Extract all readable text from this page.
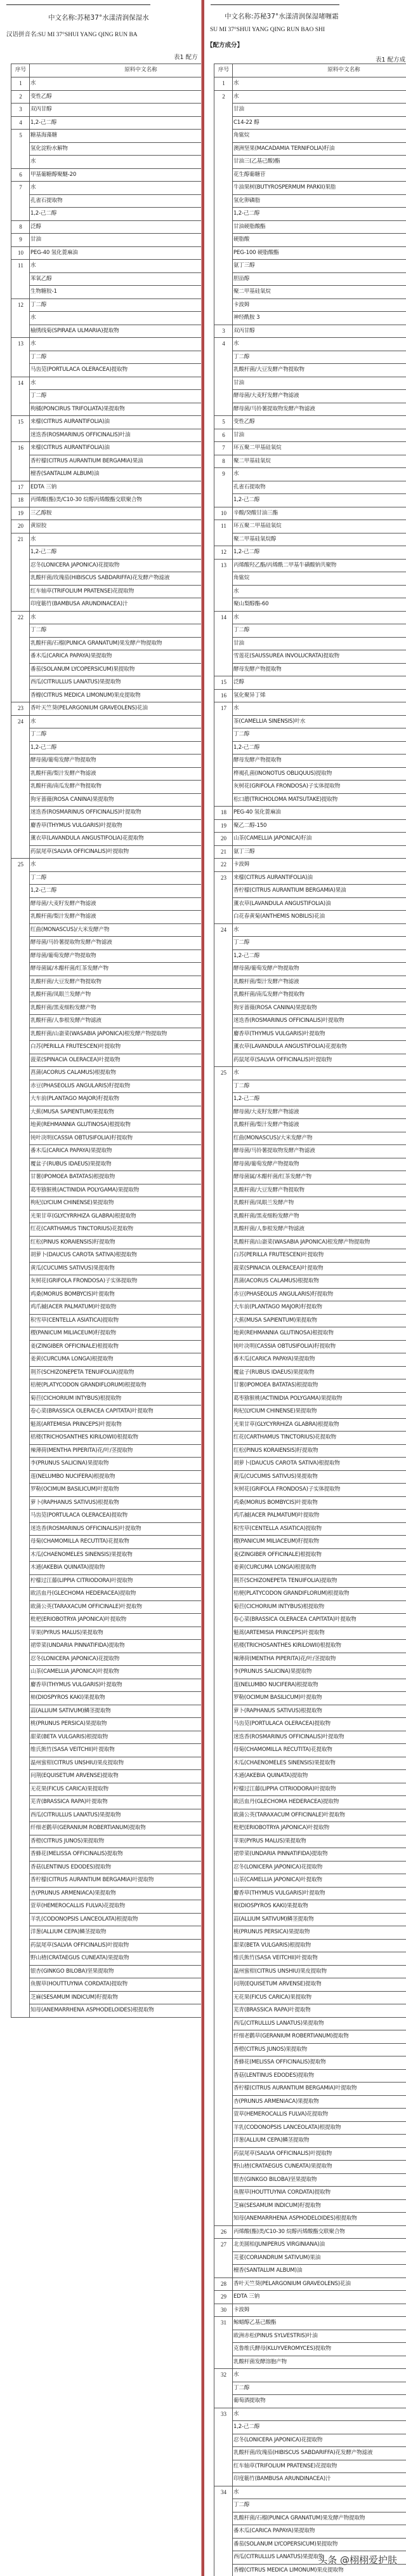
中文名称:苏秘37°水漾清润保湿水
汉语拼音名:SU MI 37°SHUI YANG QING RUN BA
表1 配方
序号	原料中文名称
1	水
2	变性乙醇
3	双丙甘醇
4	1,2-己二醇
5	糖基海藻糖
	氢化淀粉水解物
	水
6	甲基葡糖醇聚醚-20
7	水
	孔雀石提取物
	1,2-己二醇
8	泛醇
9	甘油
10	PEG-40 氢化蓖麻油
11	水
	苯氧乙醇
	生物糖胶-1
12	丁二醇
	水
	榆绣线菊(SPIRAEA ULMARIA)提取物
13	水
	丁二醇
	马齿苋(PORTULACA OLERACEA)提取物
14	水
	丁二醇
	枸橘(PONCIRUS TRIFOLIATA)果提取物
15	来檬(CITRUS AURANTIFOLIA)油
	迷迭香(ROSMARINUS OFFICINALIS)叶油
16	来檬(CITRUS AURANTIFOLIA)油
	香柠檬(CITRUS AURANTIUM BERGAMIA)果油
	檀香(SANTALUM ALBUM)油
17	EDTA 三钠
18	丙烯酸(酯)类/C10-30 烷醇丙烯酸酯交联聚合物
19	三乙醇胺
20	黄原胶
21	水
	1,2-己二醇
	忍冬(LONICERA JAPONICA)花提取物
	乳酸杆菌/玫瑰茄(HIBISCUS SABDARIFFA)花发酵产物滤液
	红车轴草(TRIFOLIUM PRATENSE)花提取物
	印度簕竹(BAMBUSA ARUNDINACEA)汁
22	水
	丁二醇
	乳酸杆菌/石榴(PUNICA GRANATUM)果发酵产物提取物
	番木瓜(CARICA PAPAYA)果提取物
	番茄(SOLANUM LYCOPERSICUM)果提取物
	西瓜(CITRULLUS LANATUS)果提取物
	香橼(CITRUS MEDICA LIMONUM)果皮提取物
23	香叶天竺葵(PELARGONIUM GRAVEOLENS)花油
24	水
	丁二醇
	1,2-己二醇
	酵母菌/葡萄发酵产物提取物
	乳酸杆菌/梨汁发酵产物滤液
	乳酸杆菌/南瓜发酵产物提取物
	狗牙蔷薇(ROSA CANINA)果提取物
	迷迭香(ROSMARINUS OFFICINALIS)叶提取物
	麝香草(THYMUS VULGARIS)叶提取物
	薰衣草(LAVANDULA ANGUSTIFOLIA)花提取物
	药鼠尾草(SALVIA OFFICINALIS)叶提取物
25	水
	丁二醇
	1,2-己二醇
	酵母菌/大麦籽发酵产物滤液
	乳酸杆菌/梨汁发酵产物滤液
	红曲(MONASCUS)/大米发酵产物
	酵母菌/马铃薯提取物发酵产物滤液
	酵母菌/葡萄发酵产物提取物
	酵母菌属/木醋杆菌/红茶发酵产物
	乳酸杆菌/大豆发酵产物提取物
	乳酸杆菌/凤眼兰发酵产物
	乳酸杆菌/黑麦细粉发酵产物
	乳酸杆菌/人参根发酵产物滤液
	乳酸杆菌/山嵛菜(WASABIA JAPONICA)根发酵产物提取物
	白苏(PERILLA FRUTESCEN)叶提取物
	菠菜(SPINACIA OLERACEA)叶提取物
	菖蒲(ACORUS CALAMUS)根提取物
	赤豆(PHASEOLUS ANGULARIS)籽提取物
	大车前(PLANTAGO MAJOR)籽提取物
	大蕉(MUSA SAPIENTUM)果提取物
	地黄(REHMANNIA GLUTINOSA)根提取物
	钝叶决明(CASSIA OBTUSIFOLIA)籽提取物
	番木瓜(CARICA PAPAYA)果提取物
	覆盆子(RUBUS IDAEUS)果提取物
	甘薯(IPOMOEA BATATAS)根提取物
	葛枣猕猴桃(ACTINIDIA POLYGAMA)果提取物
	枸杞(LYCIUM CHINENSE)果提取物
	光果甘草(GLYCYRRHIZA GLABRA)根提取物
	红花(CARTHAMUS TINCTORIUS)花提取物
	红松(PINUS KORAIENSIS)籽提取物
	胡萝卜(DAUCUS CAROTA SATIVA)根提取物
	黄瓜(CUCUMIS SATIVUS)果提取物
	灰树花(GRIFOLA FRONDOSA)子实体提取物
	鸡桑(MORUS BOMBYCIS)叶提取物
	鸡爪槭(ACER PALMATUM)叶提取物
	积雪草(CENTELLA ASIATICA)提取物
	稷(PANICUM MILIACEUM)籽提取物
	姜(ZINGIBER OFFICINALE)根提取物
	姜黄(CURCUMA LONGA)根提取物
	荆芥(SCHIZONEPETA TENUIFOLIA)提取物
	桔梗(PLATYCODON GRANDIFLORUM)根提取物
	菊苣(CICHORIUM INTYBUS)根提取物
	卷心菜(BRASSICA OLERACEA CAPITATA)叶提取物
	魁蒿(ARTEMISIA PRINCEPS)叶提取物
	栝楼(TRICHOSANTHES KIRILOWII)根提取物
	辣薄荷(MENTHA PIPERITA)花/叶/茎提取物
	李(PRUNUS SALICINA)果提取物
	莲(NELUMBO NUCIFERA)根提取物
	罗勒(OCIMUM BASILICUM)叶提取物
	萝卜(RAPHANUS SATIVUS)根提取物
	马齿苋(PORTULACA OLERACEA)提取物
	迷迭香(ROSMARINUS OFFICINALIS)叶提取物
	母菊(CHAMOMILLA RECUTITA)花提取物
	木瓜(CHAENOMELES SINENSIS)果提取物
	木通(AKEBIA QUINATA)提取物
	柠檬过江藤(LIPPIA CITRIODORA)叶提取物
	欧活血丹(GLECHOMA HEDERACEA)提取物
	欧蒲公英(TARAXACUM OFFICINALE)叶提取物
	枇杷(ERIOBOTRYA JAPONICA)叶提取物
	苹果(PYRUS MALUS)果提取物
	裙带菜(UNDARIA PINNATIFIDA)提取物
	忍冬(LONICERA JAPONICA)花提取物
	山茶(CAMELLIA JAPONICA)叶提取物
	麝香草(THYMUS VULGARIS)叶提取物
	柿(DIOSPYROS KAKI)果提取物
	蒜(ALLIUM SATIVUM)鳞茎提取物
	桃(PRUNUS PERSICA)果提取物
	甜菜(BETA VULGARIS)根提取物
	维氏熊竹(SASA VEITCHII)叶提取物
	温州蜜柑(CITRUS UNSHIU)果皮提取物
	问荆(EQUISETUM ARVENSE)提取物
	无花果(FICUS CARICA)果提取物
	芜青(BRASSICA RAPA)叶提取物
	西瓜(CITRULLUS LANATUS)果提取物
	纤细老鹳草(GERANIUM ROBERTIANUM)提取物
	香橙(CITRUS JUNOS)果提取物
	香蜂花(MELISSA OFFICINALIS)提取物
	香菇(LENTINUS EDODES)提取物
	香柠檬(CITRUS AURANTIUM BERGAMIA)叶提取物
	杏(PRUNUS ARMENIACA)果提取物
	萱草(HEMEROCALLIS FULVA)花提取物
	羊乳(CODONOPSIS LANCEOLATA)根提取物
	洋葱(ALLIUM CEPA)鳞茎提取物
	药鼠尾草(SALVIA OFFICINALIS)叶提取物
	野山楂(CRATAEGUS CUNEATA)果提取物
	银杏(GINKGO BILOBA)坚果提取物
	鱼腥草(HOUTTUYNIA CORDATA)提取物
	芝麻(SESAMUM INDICUM)籽提取物
	知母(ANEMARRHENA ASPHODELOIDES)根提取物
中文名称:苏秘37°水漾清润保湿啫喱霜
SU MI 37°SHUI YANG QING RUN BAO SHI
【配方成分】
表1 配方成
序号	原料中文名称
1	水
2	水
	甘油
	C14-22 醇
	角鲨烷
	澳洲坚果(MACADAMIA TERNIFOLIA)籽油
	甘油三(乙基己酸)酯
	花生醇葡糖苷
	牛油果树(BUTYROSPERMUM PARKII)果脂
	氢化卵磷脂
	1,2-己二醇
	甘油硬脂酸酯
	硬脂酸
	PEG-100 硬脂酸酯
	氨丁三醇
	胆甾醇
	聚二甲基硅氧烷
	卡波姆
	神经酰胺 3
3	双丙甘醇
4	水
	丁二醇
	乳酸杆菌/大豆发酵产物提取物
	甘油
	酵母菌/大麦籽发酵产物滤液
	酵母菌/马铃薯提取物发酵产物滤液
5	变性乙醇
6	甘油
7	环五聚二甲基硅氧烷
8	聚二甲基硅氧烷
9	水
	孔雀石提取物
	1,2-己二醇
10	辛酸/癸酸甘油三酯
11	环五聚二甲基硅氧烷
	聚二甲基硅氧烷醇
12	1,2-己二醇
13	丙烯酸羟乙酯/丙烯酰二甲基牛磺酸钠共聚物
	角鲨烷
	水
	聚山梨醇酯-60
14	水
	丁二醇
	甘油
	雪莲花(SAUSSUREA INVOLUCRATA)提取物
	酵母发酵产物提取物
15	泛醇
16	氢化聚异丁烯
17	水
	茶(CAMELLIA SINENSIS)叶水
	丁二醇
	1,2-己二醇
	酵母发酵产物提取物
	桦褐孔菌(INONOTUS OBLIQUUS)提取物
	灰树花(GRIFOLA FRONDOSA)子实体提取物
	松口蘑(TRICHOLOMA MATSUTAKE)提取物
18	PEG-40 氢化蓖麻油
19	聚乙二醇-150
20	山茶(CAMELLIA JAPONICA)籽油
21	氨丁三醇
22	卡波姆
23	来檬(CITRUS AURANTIFOLIA)油
	香柠檬(CITRUS AURANTIUM BERGAMIA)果油
	薰衣草(LAVANDULA ANGUSTIFOLIA)油
	白花春黄菊(ANTHEMIS NOBILIS)花油
24	水
	丁二醇
	1,2-己二醇
	酵母菌/葡萄发酵产物提取物
	乳酸杆菌/梨汁发酵产物滤液
	乳酸杆菌/南瓜发酵产物提取物
	狗牙蔷薇(ROSA CANINA)果提取物
	迷迭香(ROSMARINUS OFFICINALIS)叶提取物
	麝香草(THYMUS VULGARIS)叶提取物
	薰衣草(LAVANDULA ANGUSTIFOLIA)花提取物
	药鼠尾草(SALVIA OFFICINALIS)叶提取物
25	水
	丁二醇
	1,2-己二醇
	酵母菌/大麦籽发酵产物滤液
	乳酸杆菌/梨汁发酵产物滤液
	红曲(MONASCUS)/大米发酵产物
	酵母菌/马铃薯提取物发酵产物滤液
	酵母菌/葡萄发酵产物提取物
	酵母菌属/木醋杆菌/红茶发酵产物
	乳酸杆菌/大豆发酵产物提取物
	乳酸杆菌/凤眼兰发酵产物
	乳酸杆菌/黑麦细粉发酵产物
	乳酸杆菌/人参根发酵产物滤液
	乳酸杆菌/山嵛菜(WASABIA JAPONICA)根发酵产物提取物
	白苏(PERILLA FRUTESCEN)叶提取物
	菠菜(SPINACIA OLERACEA)叶提取物
	菖蒲(ACORUS CALAMUS)根提取物
	赤豆(PHASEOLUS ANGULARIS)籽提取物
	大车前(PLANTAGO MAJOR)籽提取物
	大蕉(MUSA SAPIENTUM)果提取物
	地黄(REHMANNIA GLUTINOSA)根提取物
	钝叶决明(CASSIA OBTUSIFOLIA)籽提取物
	番木瓜(CARICA PAPAYA)果提取物
	覆盆子(RUBUS IDAEUS)果提取物
	甘薯(IPOMOEA BATATAS)根提取物
	葛枣猕猴桃(ACTINIDIA POLYGAMA)果提取物
	枸杞(LYCIUM CHINENSE)果提取物
	光果甘草(GLYCYRRHIZA GLABRA)根提取物
	红花(CARTHAMUS TINCTORIUS)花提取物
	红松(PINUS KORAIENSIS)籽提取物
	胡萝卜(DAUCUS CAROTA SATIVA)根提取物
	黄瓜(CUCUMIS SATIVUS)果提取物
	灰树花(GRIFOLA FRONDOSA)子实体提取物
	鸡桑(MORUS BOMBYCIS)叶提取物
	鸡爪槭(ACER PALMATUM)叶提取物
	积雪草(CENTELLA ASIATICA)提取物
	稷(PANICUM MILIACEUM)籽提取物
	姜(ZINGIBER OFFICINALE)根提取物
	姜黄(CURCUMA LONGA)根提取物
	荆芥(SCHIZONEPETA TENUIFOLIA)提取物
	桔梗(PLATYCODON GRANDIFLORUM)根提取物
	菊苣(CICHORIUM INTYBUS)根提取物
	卷心菜(BRASSICA OLERACEA CAPITATA)叶提取物
	魁蒿(ARTEMISIA PRINCEPS)叶提取物
	栝楼(TRICHOSANTHES KIRILOWII)根提取物
	辣薄荷(MENTHA PIPERITA)花/叶/茎提取物
	李(PRUNUS SALICINA)果提取物
	莲(NELUMBO NUCIFERA)根提取物
	罗勒(OCIMUM BASILICUM)叶提取物
	萝卜(RAPHANUS SATIVUS)根提取物
	马齿苋(PORTULACA OLERACEA)提取物
	迷迭香(ROSMARINUS OFFICINALIS)叶提取物
	母菊(CHAMOMILLA RECUTITA)花提取物
	木瓜(CHAENOMELES SINENSIS)果提取物
	木通(AKEBIA QUINATA)提取物
	柠檬过江藤(LIPPIA CITRIODORA)叶提取物
	欧活血丹(GLECHOMA HEDERACEA)提取物
	欧蒲公英(TARAXACUM OFFICINALE)叶提取物
	枇杷(ERIOBOTRYA JAPONICA)叶提取物
	苹果(PYRUS MALUS)果提取物
	裙带菜(UNDARIA PINNATIFIDA)提取物
	忍冬(LONICERA JAPONICA)花提取物
	山茶(CAMELLIA JAPONICA)叶提取物
	麝香草(THYMUS VULGARIS)叶提取物
	柿(DIOSPYROS KAKI)果提取物
	蒜(ALLIUM SATIVUM)鳞茎提取物
	桃(PRUNUS PERSICA)果提取物
	甜菜(BETA VULGARIS)根提取物
	维氏熊竹(SASA VEITCHII)叶提取物
	温州蜜柑(CITRUS UNSHIU)果皮提取物
	问荆(EQUISETUM ARVENSE)提取物
	无花果(FICUS CARICA)果提取物
	芜青(BRASSICA RAPA)叶提取物
	西瓜(CITRULLUS LANATUS)果提取物
	纤细老鹳草(GERANIUM ROBERTIANUM)提取物
	香橙(CITRUS JUNOS)果提取物
	香蜂花(MELISSA OFFICINALIS)提取物
	香菇(LENTINUS EDODES)提取物
	香柠檬(CITRUS AURANTIUM BERGAMIA)叶提取物
	杏(PRUNUS ARMENIACA)果提取物
	萱草(HEMEROCALLIS FULVA)花提取物
	羊乳(CODONOPSIS LANCEOLATA)根提取物
	洋葱(ALLIUM CEPA)鳞茎提取物
	药鼠尾草(SALVIA OFFICINALIS)叶提取物
	野山楂(CRATAEGUS CUNEATA)果提取物
	银杏(GINKGO BILOBA)坚果提取物
	鱼腥草(HOUTTUYNIA CORDATA)提取物
	芝麻(SESAMUM INDICUM)籽提取物
	知母(ANEMARRHENA ASPHODELOIDES)根提取物
26	丙烯酸(酯)类/C10-30 烷醇丙烯酸酯交联聚合物
27	北美圆柏(JUNIPERUS VIRGINIANA)油
	芫荽(CORIANDRUM SATIVUM)果油
	檀香(SANTALUM ALBUM)油
28	香叶天竺葵(PELARGONIUM GRAVEOLENS)花油
29	EDTA 三钠
30	卡波姆
31	鲸蜡醇乙基己酸酯
	欧洲赤松(PINUS SYLVESTRIS)叶油
	克鲁维氏酵母(KLUYVEROMYCES)提取物
	乳酸杆菌发酵溶胞产物
32	水
	丁二醇
	葡萄酒提取物
33	水
	1,2-己二醇
	忍冬(LONICERA JAPONICA)花提取物
	乳酸杆菌/玫瑰茄(HIBISCUS SABDARIFFA)花发酵产物滤液
	红车轴草(TRIFOLIUM PRATENSE)花提取物
	印度簕竹(BAMBUSA ARUNDINACEA)汁
34	水
	丁二醇
	乳酸杆菌/石榴(PUNICA GRANATUM)果发酵产物提取物
	番木瓜(CARICA PAPAYA)果提取物
	番茄(SOLANUM LYCOPERSICUM)果提取物
	西瓜(CITRULLUS LANATUS)果提取物
	香橼(CITRUS MEDICA LIMONUM)果皮提取物
头条 @栩栩爱护肤
